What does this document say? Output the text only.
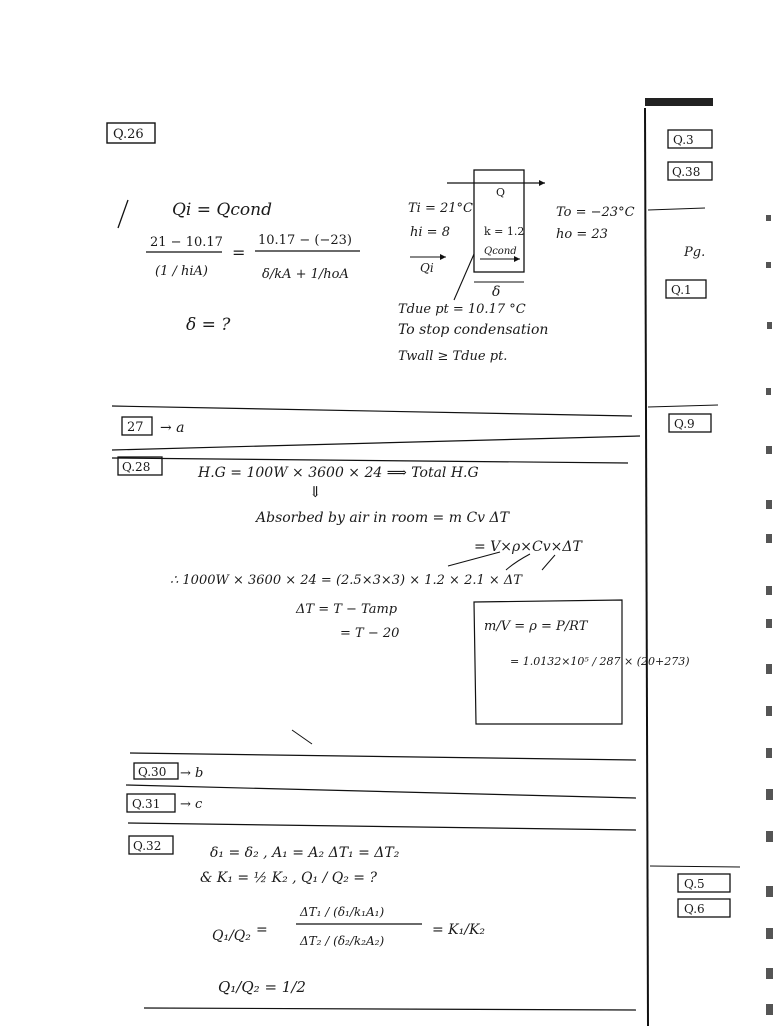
Q.26
Qi = Qcond
21 − 10.17
(1 / hiA)
=
10.17 − (−23)
δ/kA + 1/hoA
δ = ?
Q
k = 1.2
Qcond
δ
Ti = 21°C
hi = 8
Qi
To = −23°C
ho = 23
Tdue pt = 10.17 °C
To stop condensation
Twall ≥ Tdue pt.
27 → a
Q.28	H.G = 100W × 3600 × 24 ⟹ Total H.G
⇓
Absorbed by air in room = m Cv ΔT
= V×ρ×Cv×ΔT
∴ 1000W × 3600 × 24 = (2.5×3×3) × 1.2 × 2.1 × ΔT
ΔT = T − Tamp
= T − 20	m/V = ρ = P/RT
= 1.0132×10⁵ / 287 × (20+273)
Q.30 → b
Q.31 → c
Q.32	δ₁ = δ₂ , A₁ = A₂ ΔT₁ = ΔT₂
& K₁ = ½ K₂ , Q₁ / Q₂ = ?
Q₁/Q₂ =
ΔT₁ / (δ₁/k₁A₁)
ΔT₂ / (δ₂/k₂A₂)
= K₁/K₂
Q₁/Q₂ = 1/2
Q.3
Q.38
Pg.
Q.1
Q.9
Q.5
Q.6
